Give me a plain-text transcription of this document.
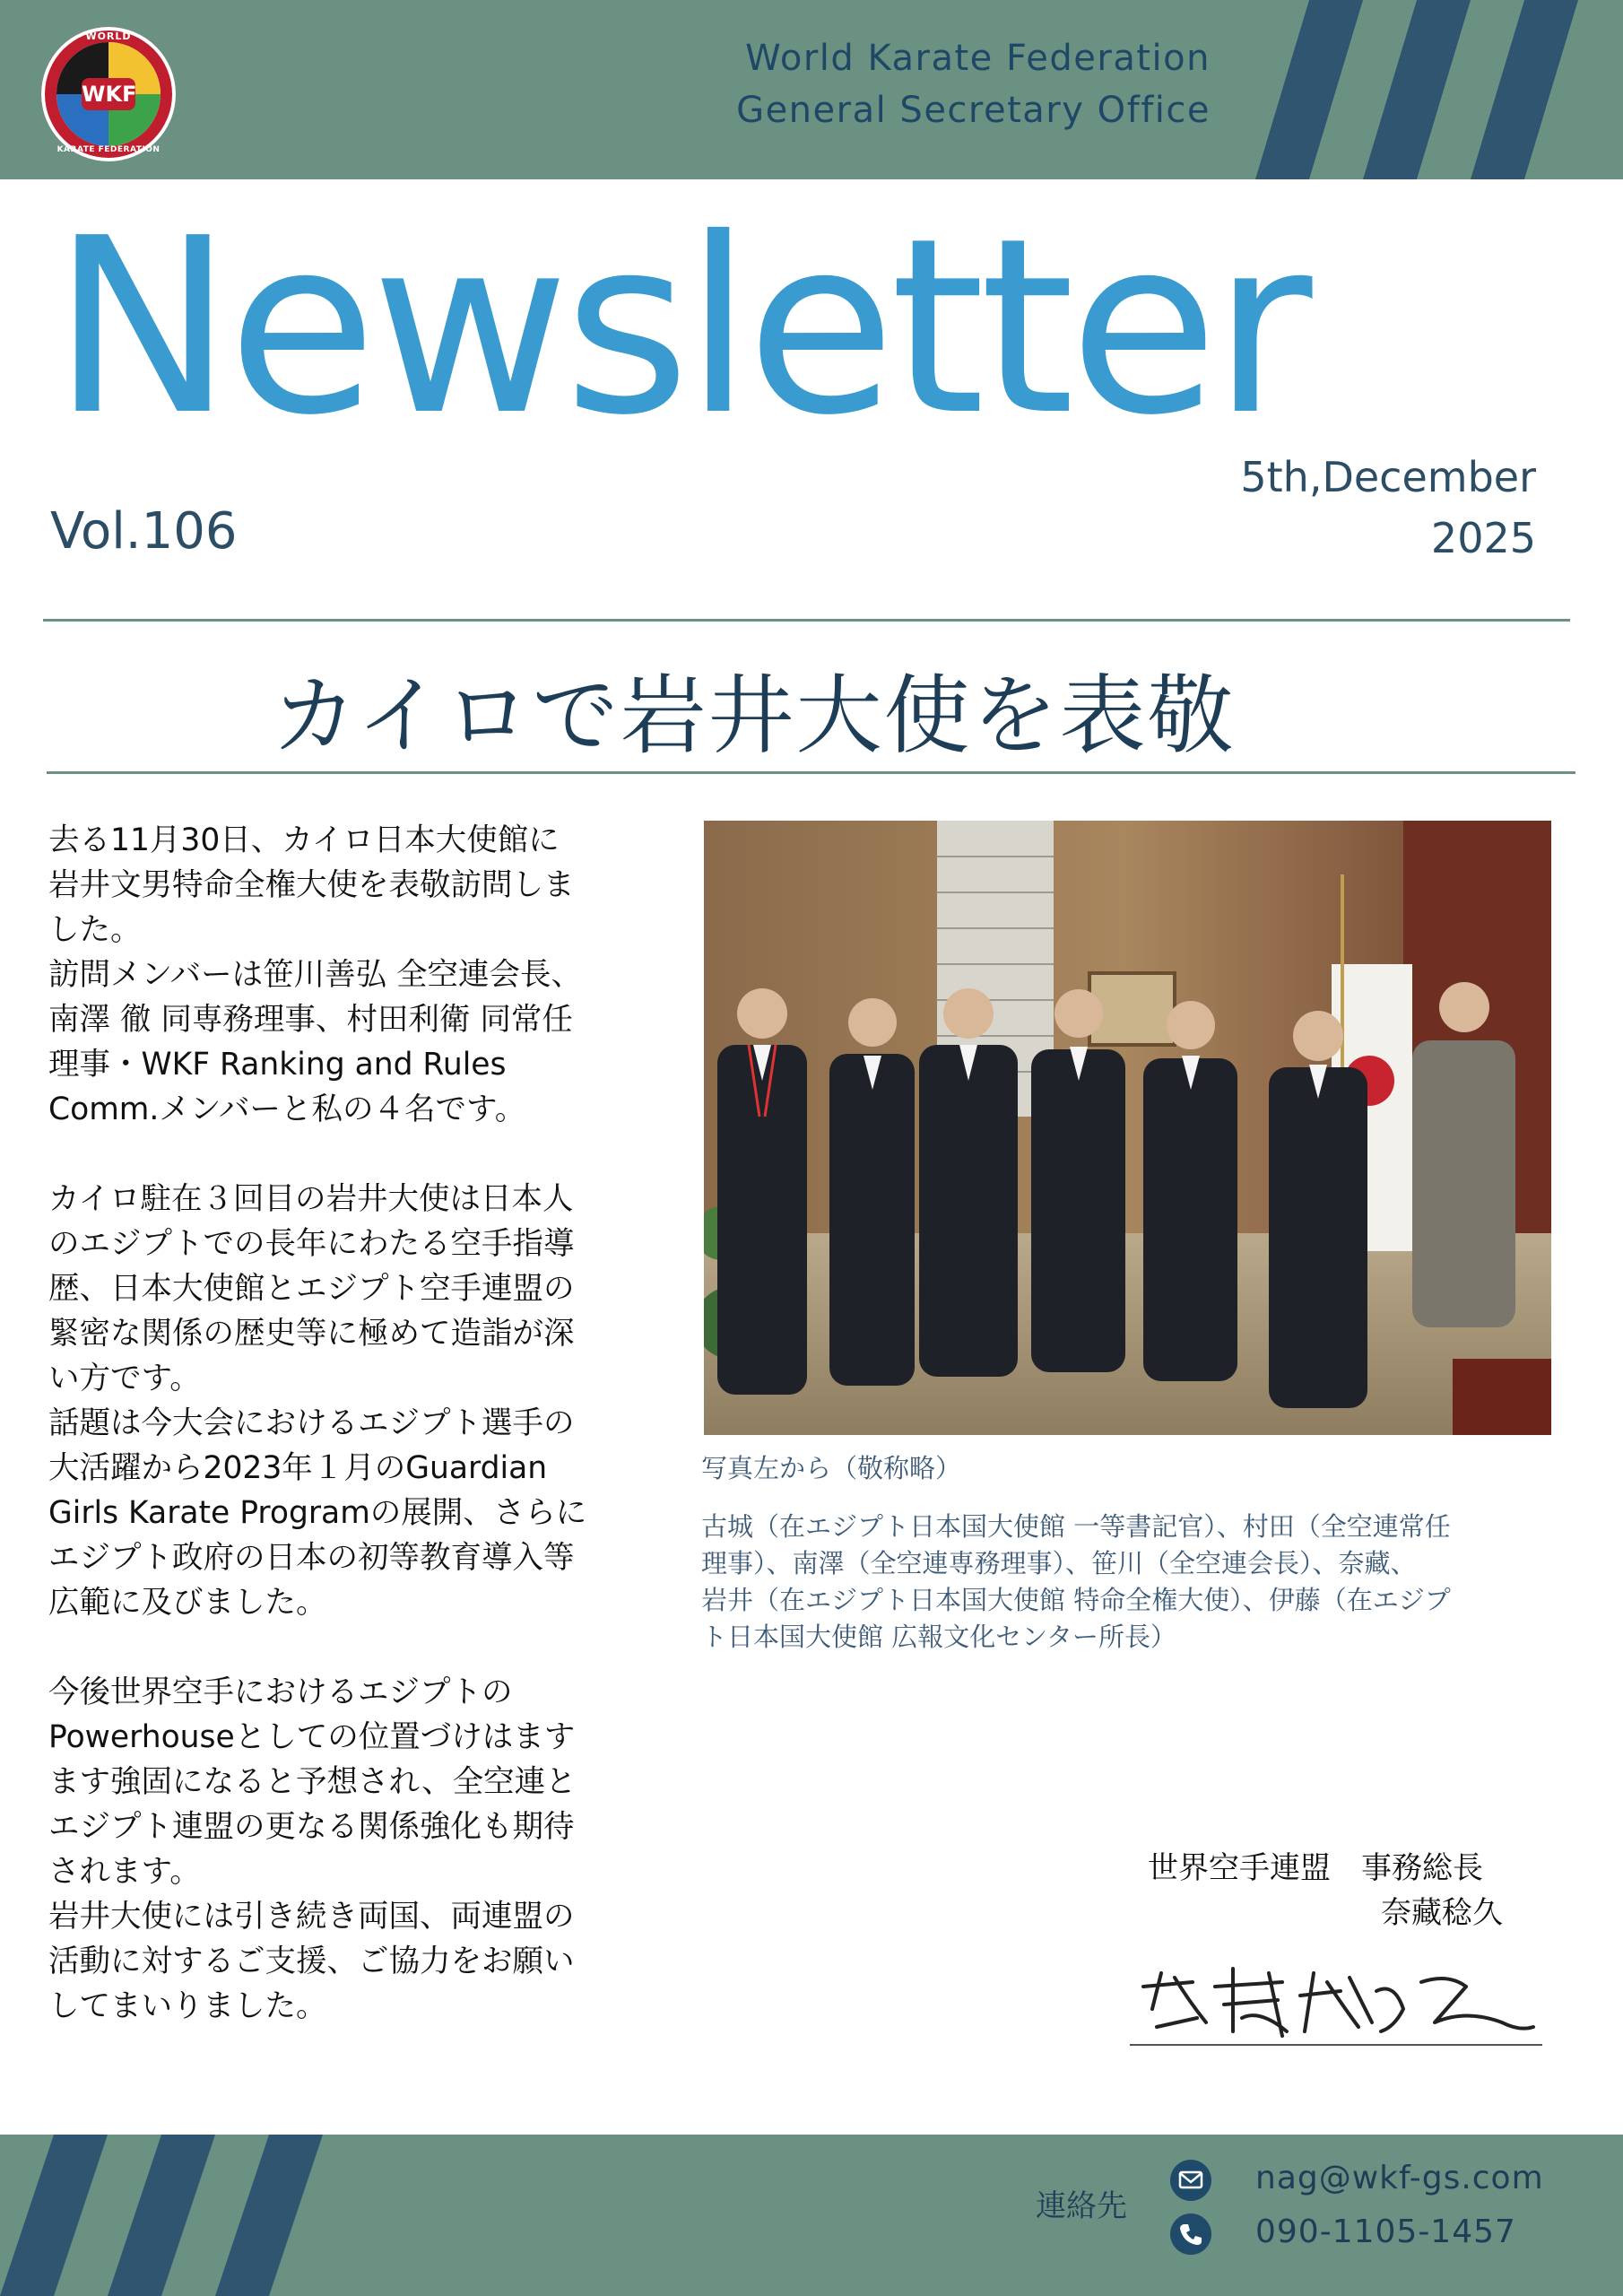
WORLD
WKF
KARATE FEDERATION
World Karate Federation
General Secretary Office
Newsletter
Vol.106
5th,December
2025
カイロで岩井大使を表敬
去る11月30日、カイロ日本大使館に
岩井文男特命全権大使を表敬訪問しま
した。
訪問メンバーは笹川善弘 全空連会長、
南澤 徹 同専務理事、村田利衛 同常任
理事・WKF Ranking and Rules
Comm.メンバーと私の４名です。
カイロ駐在３回目の岩井大使は日本人
のエジプトでの長年にわたる空手指導
歴、日本大使館とエジプト空手連盟の
緊密な関係の歴史等に極めて造詣が深
い方です。
話題は今大会におけるエジプト選手の
大活躍から2023年１月のGuardian
Girls Karate Programの展開、さらに
エジプト政府の日本の初等教育導入等
広範に及びました。
今後世界空手におけるエジプトの
Powerhouseとしての位置づけはます
ます強固になると予想され、全空連と
エジプト連盟の更なる関係強化も期待
されます。
岩井大使には引き続き両国、両連盟の
活動に対するご支援、ご協力をお願い
してまいりました。
写真左から（敬称略）
古城（在エジプト日本国大使館 一等書記官）、村田（全空連常任
理事）、南澤（全空連専務理事）、笹川（全空連会長）、奈藏、
岩井（在エジプト日本国大使館 特命全権大使）、伊藤（在エジプ
ト日本国大使館 広報文化センター所長）
世界空手連盟　事務総長
奈藏稔久
連絡先
nag@wkf-gs.com
090-1105-1457
